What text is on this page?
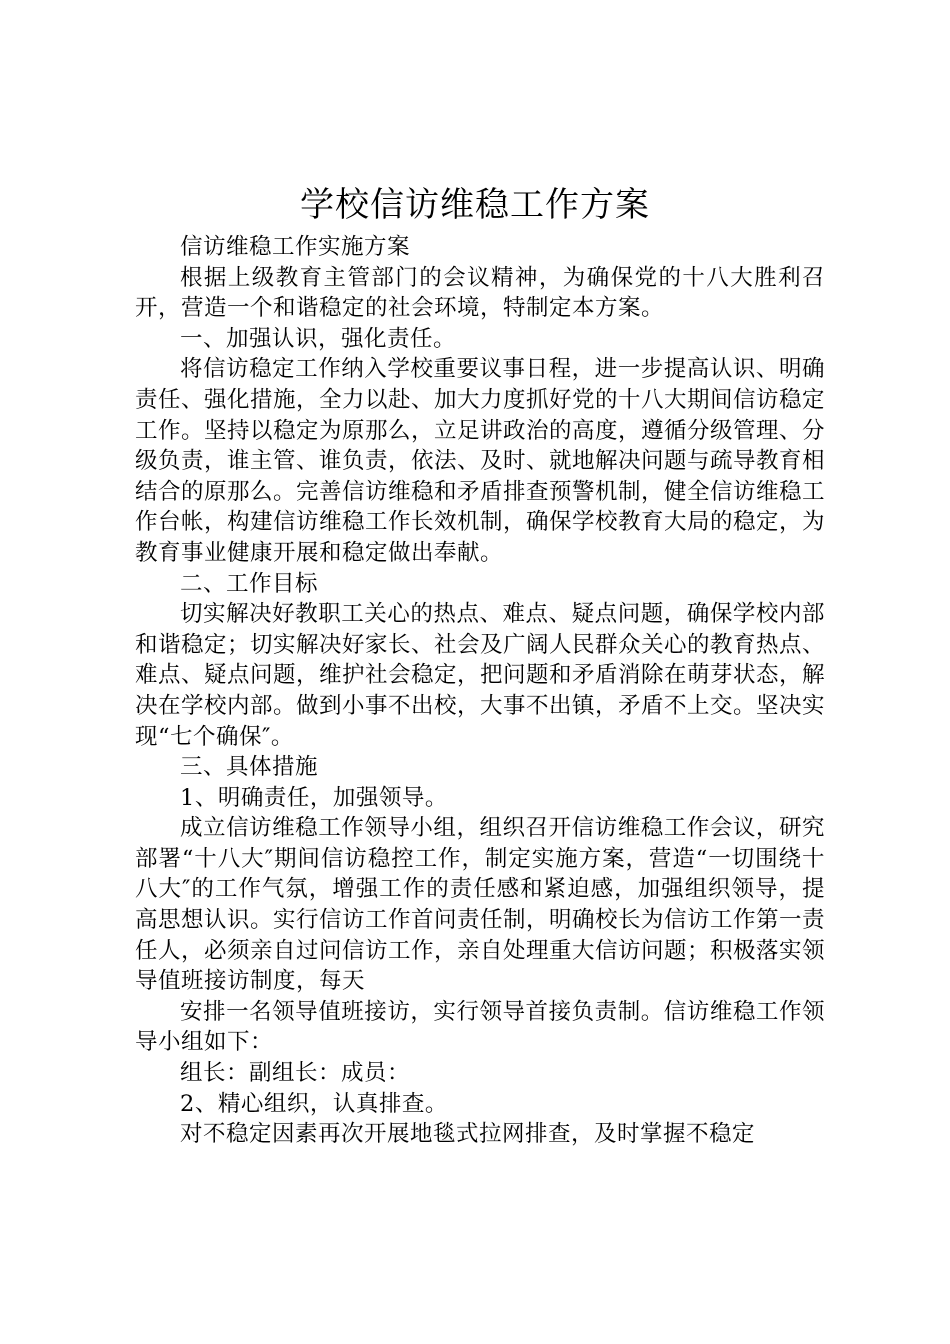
学校信访维稳工作方案

信访维稳工作实施方案

根据上级教育主管部门的会议精神，为确保党的十八大胜利召开，营造一个和谐稳定的社会环境，特制定本方案。

一、加强认识，强化责任。

将信访稳定工作纳入学校重要议事日程，进一步提高认识、明确责任、强化措施，全力以赴、加大力度抓好党的十八大期间信访稳定工作。坚持以稳定为原那么，立足讲政治的高度，遵循分级管理、分级负责，谁主管、谁负责，依法、及时、就地解决问题与疏导教育相结合的原那么。完善信访维稳和矛盾排查预警机制，健全信访维稳工作台帐，构建信访维稳工作长效机制，确保学校教育大局的稳定，为教育事业健康开展和稳定做出奉献。

二、工作目标

切实解决好教职工关心的热点、难点、疑点问题，确保学校内部和谐稳定；切实解决好家长、社会及广阔人民群众关心的教育热点、难点、疑点问题，维护社会稳定，把问题和矛盾消除在萌芽状态，解决在学校内部。做到小事不出校，大事不出镇，矛盾不上交。坚决实现“七个确保″。

三、具体措施

1、明确责任，加强领导。

成立信访维稳工作领导小组，组织召开信访维稳工作会议，研究部署“十八大″期间信访稳控工作，制定实施方案，营造“一切围绕十八大″的工作气氛，增强工作的责任感和紧迫感，加强组织领导，提高思想认识。实行信访工作首问责任制，明确校长为信访工作第一责任人，必须亲自过问信访工作，亲自处理重大信访问题；积极落实领导值班接访制度，每天

安排一名领导值班接访，实行领导首接负责制。信访维稳工作领导小组如下：

组长：副组长：成员：

2、精心组织，认真排查。

对不稳定因素再次开展地毯式拉网排查，及时掌握不稳定
